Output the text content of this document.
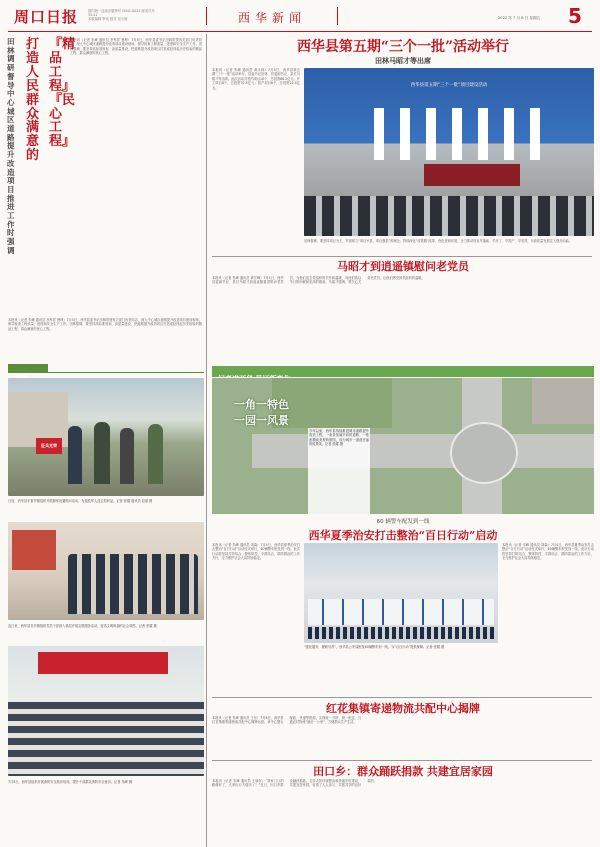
周口日报	国内统一连续出版物号 CN41-0032 邮发代号 35-41
本版编辑 李伟 校对 吴小丽	西华新闻	2022 年 7 月 8 日 星期五 5
田林调研督导中心城区道路提升改造项目推进工作时强调
『精品工程』『民心工程』
打造人民群众满意的
本报讯（记者 朱峰 通讯员 李军祥 鲁坤）7月5日，西华县委书记田林带领有关部门负责同志，深入中心城区道路提升改造项目建设现场，督导检查工程质量、进度和安全生产工作。田林强调，要坚持高标准规划、高质量建设，把道路提升改造项目打造成经得起历史检验的精品工程、群众满意的民心工程。
本报讯（记者 朱峰 通讯员 李军祥 鲁坤）7月5日，西华县委书记田林带领有关部门负责同志，深入中心城区道路提升改造项目建设现场，督导检查工程质量、进度和安全生产工作。田林强调，要坚持高标准规划、高质量建设，把道路提升改造项目打造成经得起历史检验的精品工程、群众满意的民心工程。
征兵光荣
日前，西华县东夏亭镇组织开展拥军优属慰问活动，为退役军人送去慰问品。记者 张耀 通讯员 赵丽 摄
连日来，西华县各乡镇组织党员干部深入基层开展志愿服务活动，营造文明和谐的社会氛围。记者 张耀 摄
7月5日，西华县组织开展消防安全知识培训，提升干部群众消防安全意识。记者 朱峰 摄
西华县第五期“三个一批”活动举行
田林马昭才等出席
本报讯（记者 朱峰 通讯员 黄永林）7月5日，西华县第五期“三个一批”活动举行。县委书记田林、县委副书记、县长马昭才等出席。此次活动共签约项目10个，总投资86.2亿元；开工项目8个，总投资32.5亿元；投产项目6个，总投资21.4亿元。	西华县第五期“三个一批”项目建设活动
田林强调，要坚持项目为王，牢固树立“项目兴县、项目强县”的理念，持续深化“放管服”改革，优化营商环境，全力推动项目早落地、早开工、早投产、早见效，为高质量发展注入强劲动能。
马昭才到逍遥镇慰问老党员
本报讯（记者 朱峰 通讯员 黄学峰）7月1日，西华县委副书记、县长马昭才到逍遥镇看望慰问老党员，为他们送去党组织的关怀和温暖，向他们致以节日的问候和崇高的敬意。马昭才强调，要关心关爱老党员，让他们感受到党组织的温暖。
一角一特色
一园一风景
今年以来，西华县持续推进城市道路提升改造工程，一条条宽阔平坦的道路、一座座精致美观的游园，成为城市一道道亮丽的风景线。记者 张耀 摄
60 辆警车配发到一线
西华夏季治安打击整治“百日行动”启动
本报讯（记者 朱峰 通讯员 刘森）7月4日，西华县夏季治安打击整治“百日行动”启动仪式举行，60辆警车配发到一线。此次行动将坚持打防结合、整体防控、专群结合、群防群治的工作方针，全力维护社会大局持续稳定。
“强化服务，履职尽责”，西华县公安局配发60辆警车到一线，为“百日行动”提供保障。记者 张耀 摄
本报讯（记者 朱峰 通讯员 刘森）7月4日，西华县夏季治安打击整治“百日行动”启动仪式举行，60辆警车配发到一线。此次行动将坚持打防结合、整体防控、专群结合、群防群治的工作方针，全力维护社会大局持续稳定。
红花集镇寄递物流共配中心揭牌
本报讯（记者 朱峰 通讯员 王东）7月6日，西华县红花集镇寄递物流共配中心揭牌运营。该中心整合邮政、快递等资源，实现统一分拣、统一配送，打通农村物流“最后一公里”，方便群众生产生活。
田口乡：群众踊跃捐款 共建宜居家园
本报讯（记者 朱峰 通讯员 王晓东）“我家门口的路修好了，大家出行方便多了！”近日，田口乡群众踊跃捐款，支持人居环境整治和美丽乡村建设，共建宜居家园，营造了人人参与、共建共享的良好氛围。
